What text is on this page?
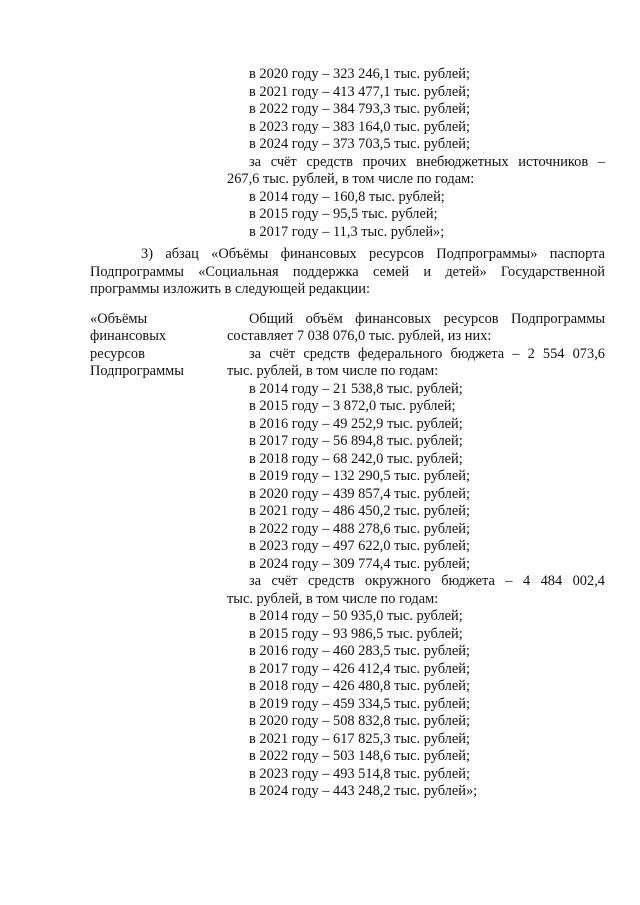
в 2020 году – 323 246,1 тыс. рублей;
в 2021 году – 413 477,1 тыс. рублей;
в 2022 году – 384 793,3 тыс. рублей;
в 2023 году – 383 164,0 тыс. рублей;
в 2024 году – 373 703,5 тыс. рублей;
за счёт средств прочих внебюджетных источников –
267,6 тыс. рублей, в том числе по годам:
в 2014 году – 160,8 тыс. рублей;
в 2015 году – 95,5 тыс. рублей;
в 2017 году – 11,3 тыс. рублей»;
3) абзац «Объёмы финансовых ресурсов Подпрограммы» паспорта
Подпрограммы «Социальная поддержка семей и детей» Государственной
программы изложить в следующей редакции:
«Объёмы
финансовых
ресурсов
Подпрограммы
Общий объём финансовых ресурсов Подпрограммы
составляет 7 038 076,0 тыс. рублей, из них:
за счёт средств федерального бюджета – 2 554 073,6
тыс. рублей, в том числе по годам:
в 2014 году – 21 538,8 тыс. рублей;
в 2015 году – 3 872,0 тыс. рублей;
в 2016 году – 49 252,9 тыс. рублей;
в 2017 году – 56 894,8 тыс. рублей;
в 2018 году – 68 242,0 тыс. рублей;
в 2019 году – 132 290,5 тыс. рублей;
в 2020 году – 439 857,4 тыс. рублей;
в 2021 году – 486 450,2 тыс. рублей;
в 2022 году – 488 278,6 тыс. рублей;
в 2023 году – 497 622,0 тыс. рублей;
в 2024 году – 309 774,4 тыс. рублей;
за счёт средств окружного бюджета – 4 484 002,4
тыс. рублей, в том числе по годам:
в 2014 году – 50 935,0 тыс. рублей;
в 2015 году – 93 986,5 тыс. рублей;
в 2016 году – 460 283,5 тыс. рублей;
в 2017 году – 426 412,4 тыс. рублей;
в 2018 году – 426 480,8 тыс. рублей;
в 2019 году – 459 334,5 тыс. рублей;
в 2020 году – 508 832,8 тыс. рублей;
в 2021 году – 617 825,3 тыс. рублей;
в 2022 году – 503 148,6 тыс. рублей;
в 2023 году – 493 514,8 тыс. рублей;
в 2024 году – 443 248,2 тыс. рублей»;
